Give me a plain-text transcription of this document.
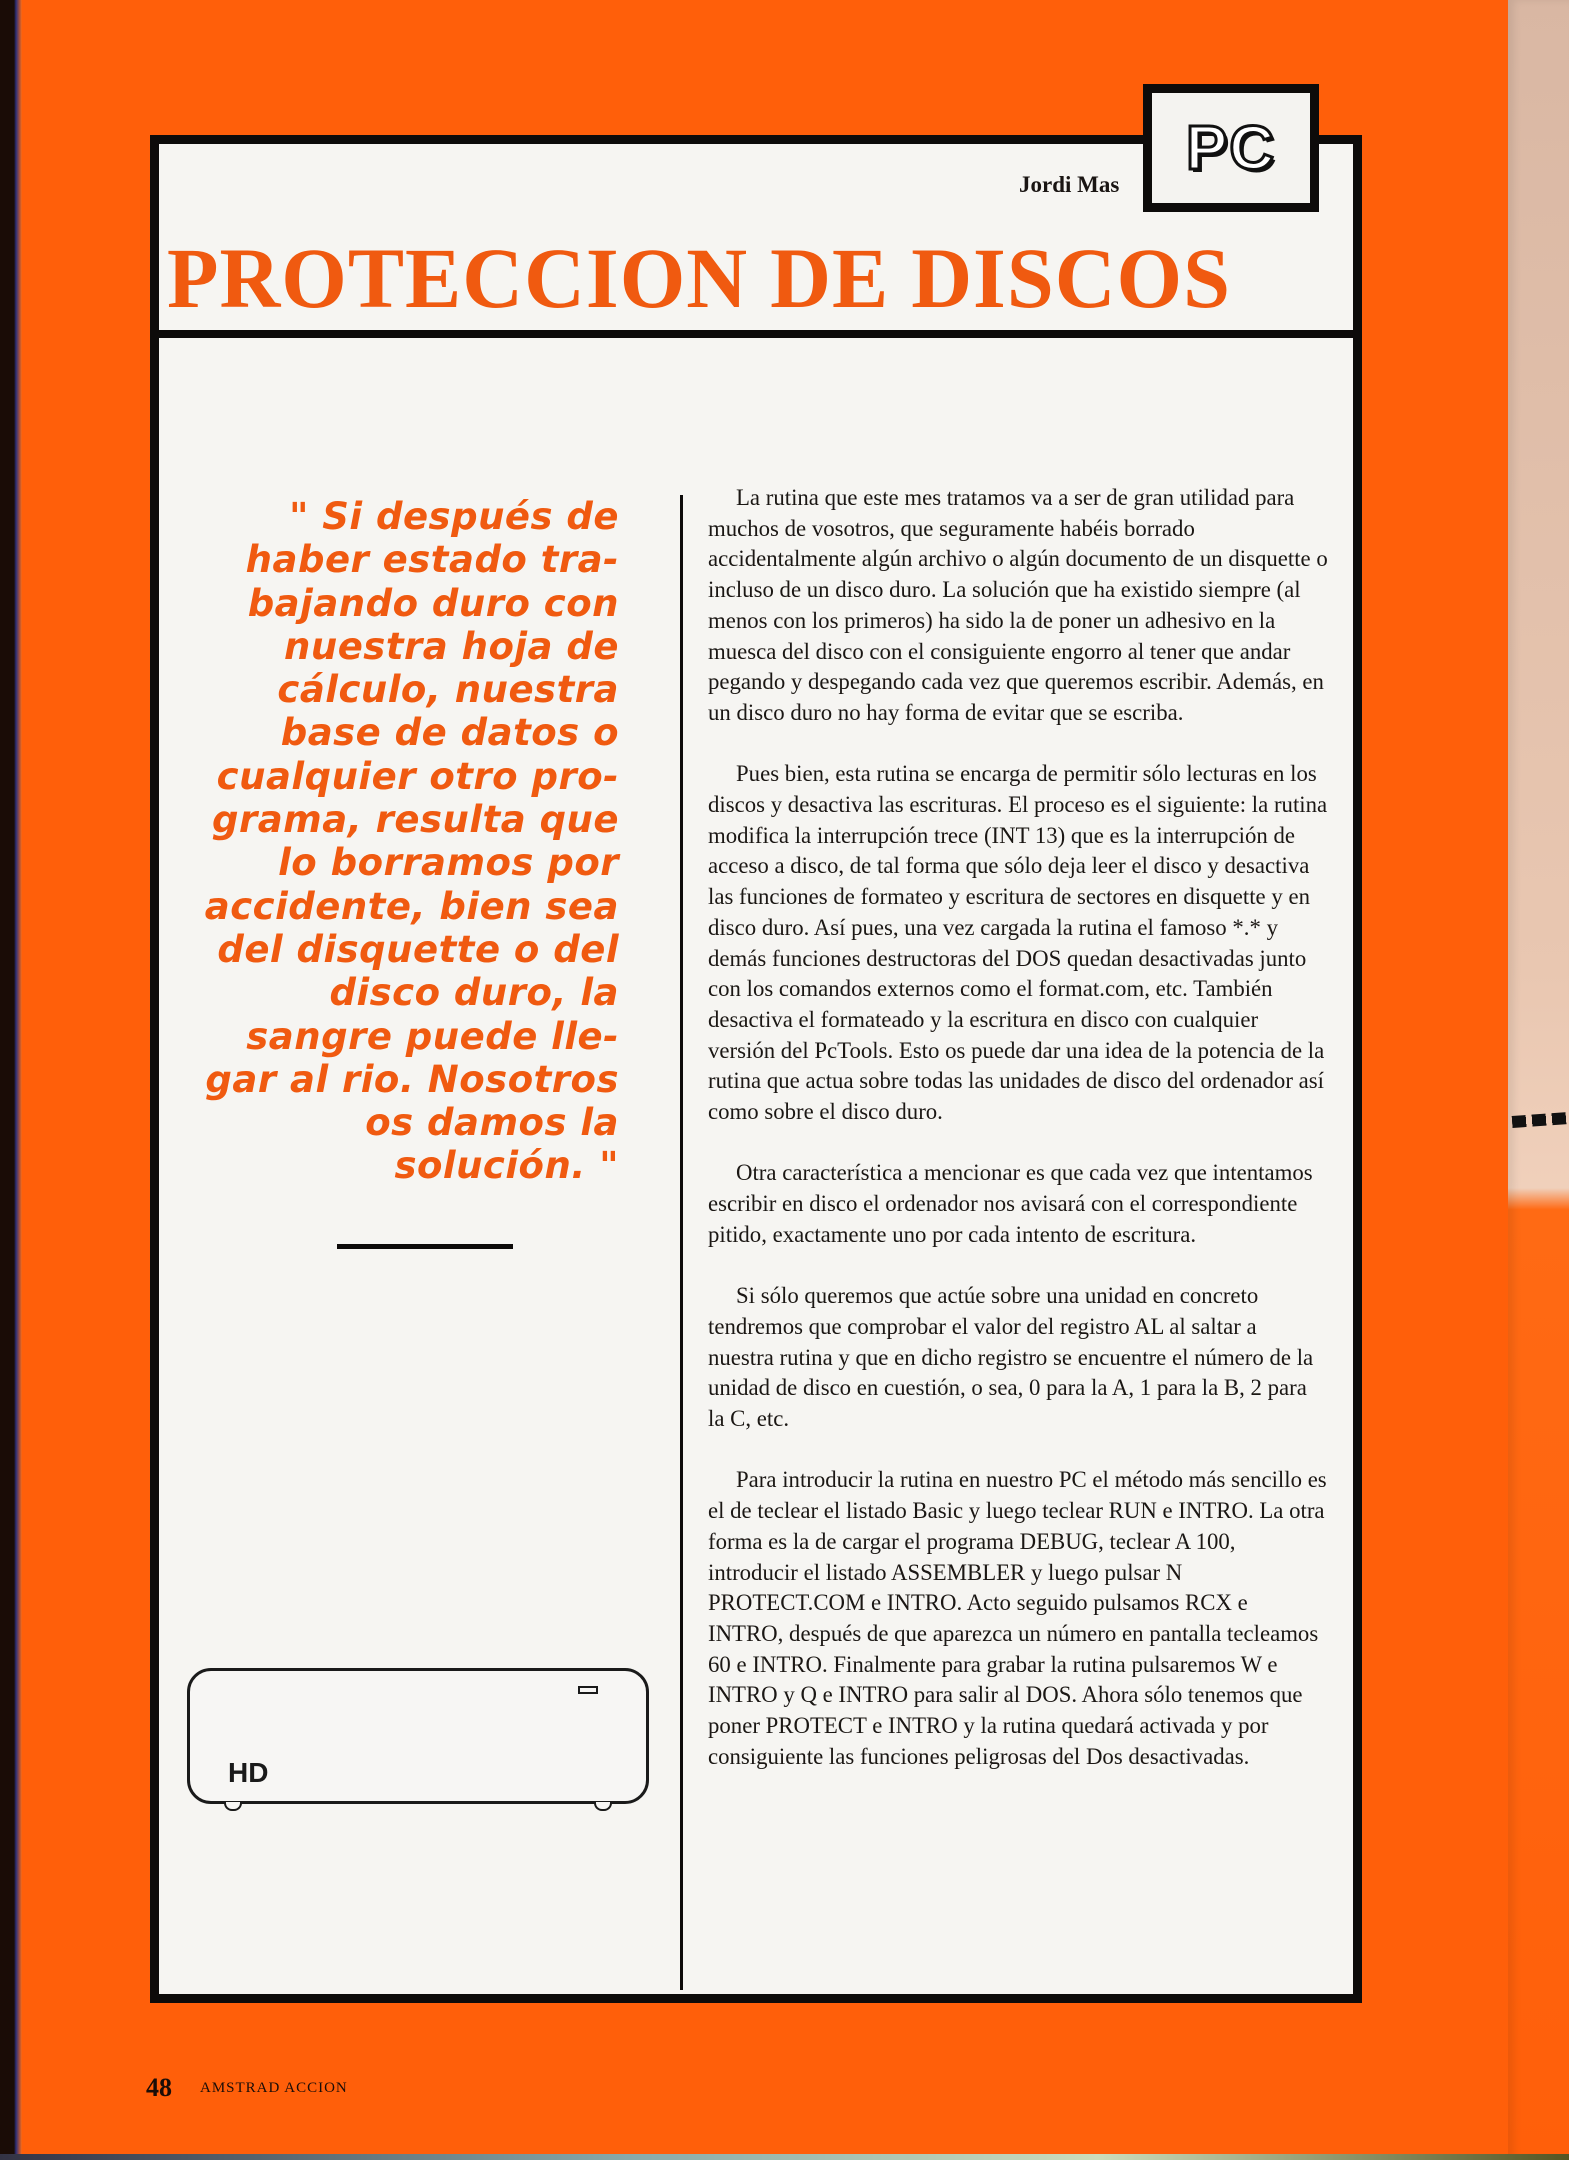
Jordi Mas
PROTECCION DE DISCOS

" Si después de
haber estado tra-
bajando duro con
nuestra hoja de
cálculo, nuestra
base de datos o
cualquier otro pro-
grama, resulta que
lo borramos por
accidente, bien sea
del disquette o del
disco duro, la
sangre puede lle-
gar al rio. Nosotros
os damos la
solución. "
HD

La rutina que este mes tratamos va a ser de gran utilidad para muchos de vosotros, que seguramente habéis borrado accidentalmente algún archivo o algún documento de un disquette o incluso de un disco duro. La solución que ha existido siempre (al menos con los primeros) ha sido la de poner un adhesivo en la muesca del disco con el consiguiente engorro al tener que andar pegando y despegando cada vez que queremos escribir. Además, en un disco duro no hay forma de evitar que se escriba.

Pues bien, esta rutina se encarga de permitir sólo lecturas en los discos y desactiva las escrituras. El proceso es el siguiente: la rutina modifica la interrupción trece (INT 13) que es la interrupción de acceso a disco, de tal forma que sólo deja leer el disco y desactiva las funciones de formateo y escritura de sectores en disquette y en disco duro. Así pues, una vez cargada la rutina el famoso *.* y demás funciones destructoras del DOS quedan desactivadas junto con los comandos externos como el format.com, etc. También desactiva el formateado y la escritura en disco con cualquier versión del PcTools. Esto os puede dar una idea de la potencia de la rutina que actua sobre todas las unidades de disco del ordenador así como sobre el disco duro.

Otra característica a mencionar es que cada vez que intentamos escribir en disco el ordenador nos avisará con el correspondiente pitido, exactamente uno por cada intento de escritura.

Si sólo queremos que actúe sobre una unidad en concreto tendremos que comprobar el valor del registro AL al saltar a nuestra rutina y que en dicho registro se encuentre el número de la unidad de disco en cuestión, o sea, 0 para la A, 1 para la B, 2 para la C, etc.

Para introducir la rutina en nuestro PC el método más sencillo es el de teclear el listado Basic y luego teclear RUN e INTRO. La otra forma es la de cargar el programa DEBUG, teclear A 100, introducir el listado ASSEMBLER y luego pulsar N PROTECT.COM e INTRO. Acto seguido pulsamos RCX e INTRO, después de que aparezca un número en pantalla tecleamos 60 e INTRO. Finalmente para grabar la rutina pulsaremos W e INTRO y Q e INTRO para salir al DOS. Ahora sólo tenemos que poner PROTECT e INTRO y la rutina quedará activada y por consiguiente las funciones peligrosas del Dos desactivadas.

PC
48 AMSTRAD ACCION
